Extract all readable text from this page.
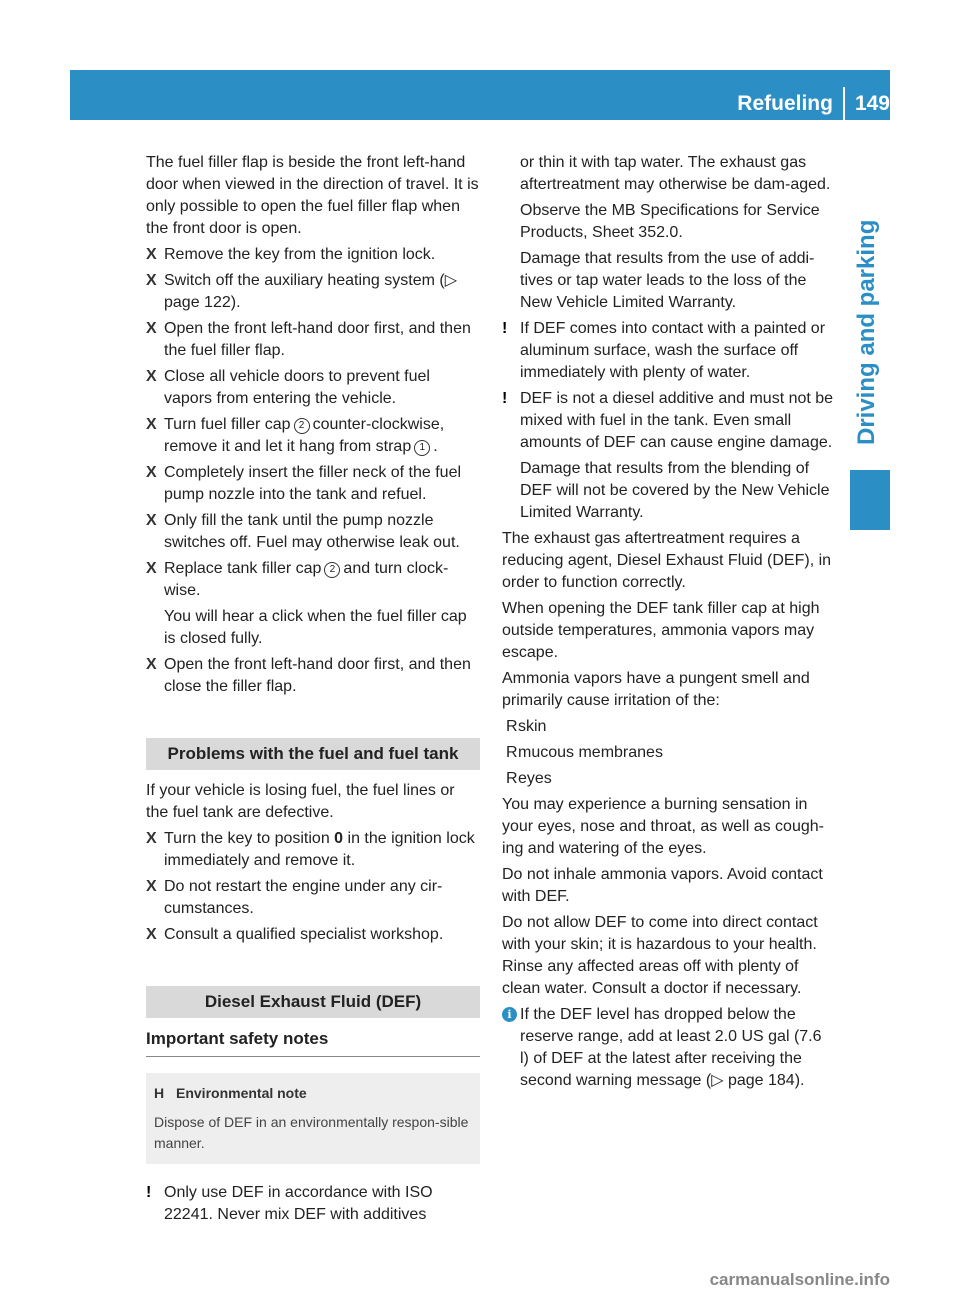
Refueling 149
Driving and parking

The fuel filler flap is beside the front left-hand door when viewed in the direction of travel. It is only possible to open the fuel filler flap when the front door is open.

X Remove the key from the ignition lock.
X Switch off the auxiliary heating system (▷ page 122).
X Open the front left-hand door first, and then the fuel filler flap.
X Close all vehicle doors to prevent fuel vapors from entering the vehicle.
X Turn fuel filler cap 2 counter-clockwise, remove it and let it hang from strap 1 .
X Completely insert the filler neck of the fuel pump nozzle into the tank and refuel.
X Only fill the tank until the pump nozzle switches off. Fuel may otherwise leak out.
X Replace tank filler cap 2 and turn clock-wise.
You will hear a click when the fuel filler cap is closed fully.
X Open the front left-hand door first, and then close the filler flap.
Problems with the fuel and fuel tank

If your vehicle is losing fuel, the fuel lines or the fuel tank are defective.

X Turn the key to position 0 in the ignition lock immediately and remove it.
X Do not restart the engine under any cir-cumstances.
X Consult a qualified specialist workshop.
Diesel Exhaust Fluid (DEF)
Important safety notes
H Environmental note
Dispose of DEF in an environmentally respon-sible manner.
! Only use DEF in accordance with ISO 22241. Never mix DEF with additives
or thin it with tap water. The exhaust gas aftertreatment may otherwise be dam-aged.
Observe the MB Specifications for Service Products, Sheet 352.0.
Damage that results from the use of addi-tives or tap water leads to the loss of the New Vehicle Limited Warranty.
! If DEF comes into contact with a painted or aluminum surface, wash the surface off immediately with plenty of water.
! DEF is not a diesel additive and must not be mixed with fuel in the tank. Even small amounts of DEF can cause engine damage.
Damage that results from the blending of DEF will not be covered by the New Vehicle Limited Warranty.

The exhaust gas aftertreatment requires a reducing agent, Diesel Exhaust Fluid (DEF), in order to function correctly.

When opening the DEF tank filler cap at high outside temperatures, ammonia vapors may escape.

Ammonia vapors have a pungent smell and primarily cause irritation of the:

R skin
R mucous membranes
R eyes

You may experience a burning sensation in your eyes, nose and throat, as well as cough-ing and watering of the eyes.

Do not inhale ammonia vapors. Avoid contact with DEF.

Do not allow DEF to come into direct contact with your skin; it is hazardous to your health. Rinse any affected areas off with plenty of clean water. Consult a doctor if necessary.

i If the DEF level has dropped below the reserve range, add at least 2.0 US gal (7.6 l) of DEF at the latest after receiving the second warning message (▷ page 184).
carmanualsonline.info
